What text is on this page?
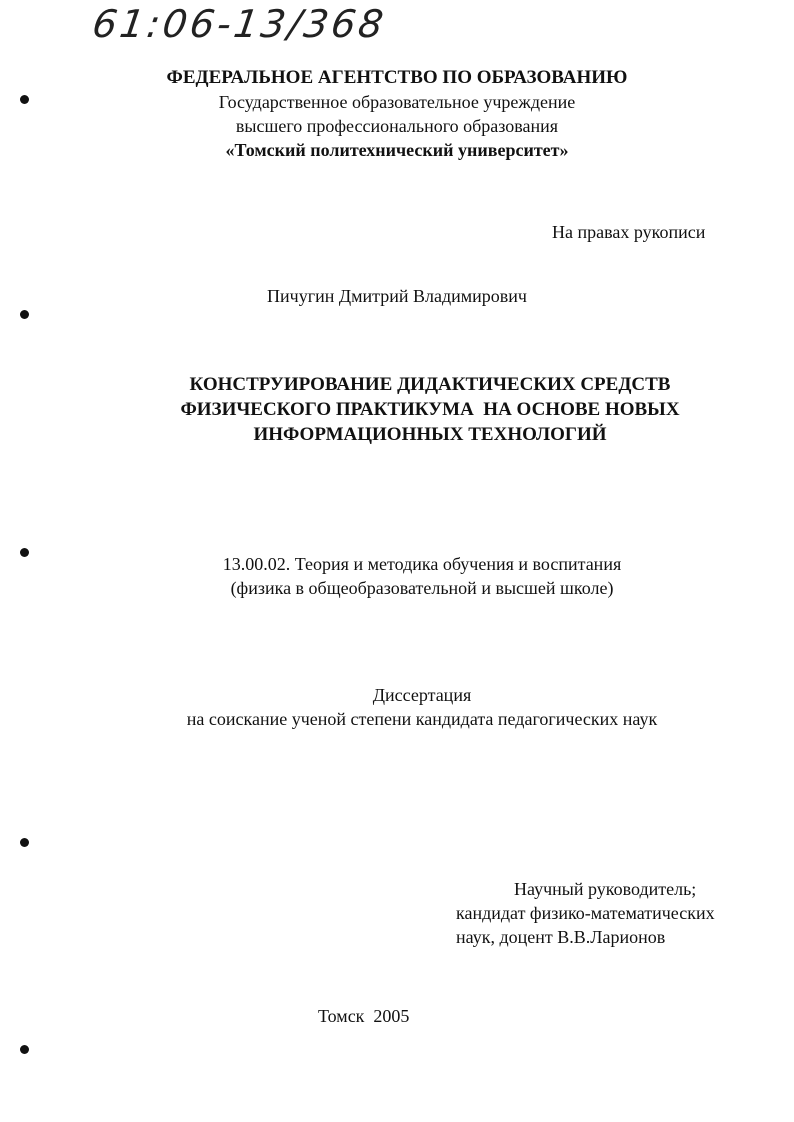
61:06-13/368
ФЕДЕРАЛЬНОЕ АГЕНТСТВО ПО ОБРАЗОВАНИЮ
Государственное образовательное учреждение
высшего профессионального образования
«Томский политехнический университет»
На правах рукописи
Пичугин Дмитрий Владимирович
КОНСТРУИРОВАНИЕ ДИДАКТИЧЕСКИХ СРЕДСТВ
ФИЗИЧЕСКОГО ПРАКТИКУМА  НА ОСНОВЕ НОВЫХ
ИНФОРМАЦИОННЫХ ТЕХНОЛОГИЙ
13.00.02. Теория и методика обучения и воспитания
(физика в общеобразовательной и высшей школе)
Диссертация
на соискание ученой степени кандидата педагогических наук
Научный руководитель;
кандидат физико-математических
наук, доцент В.В.Ларионов
Томск  2005
